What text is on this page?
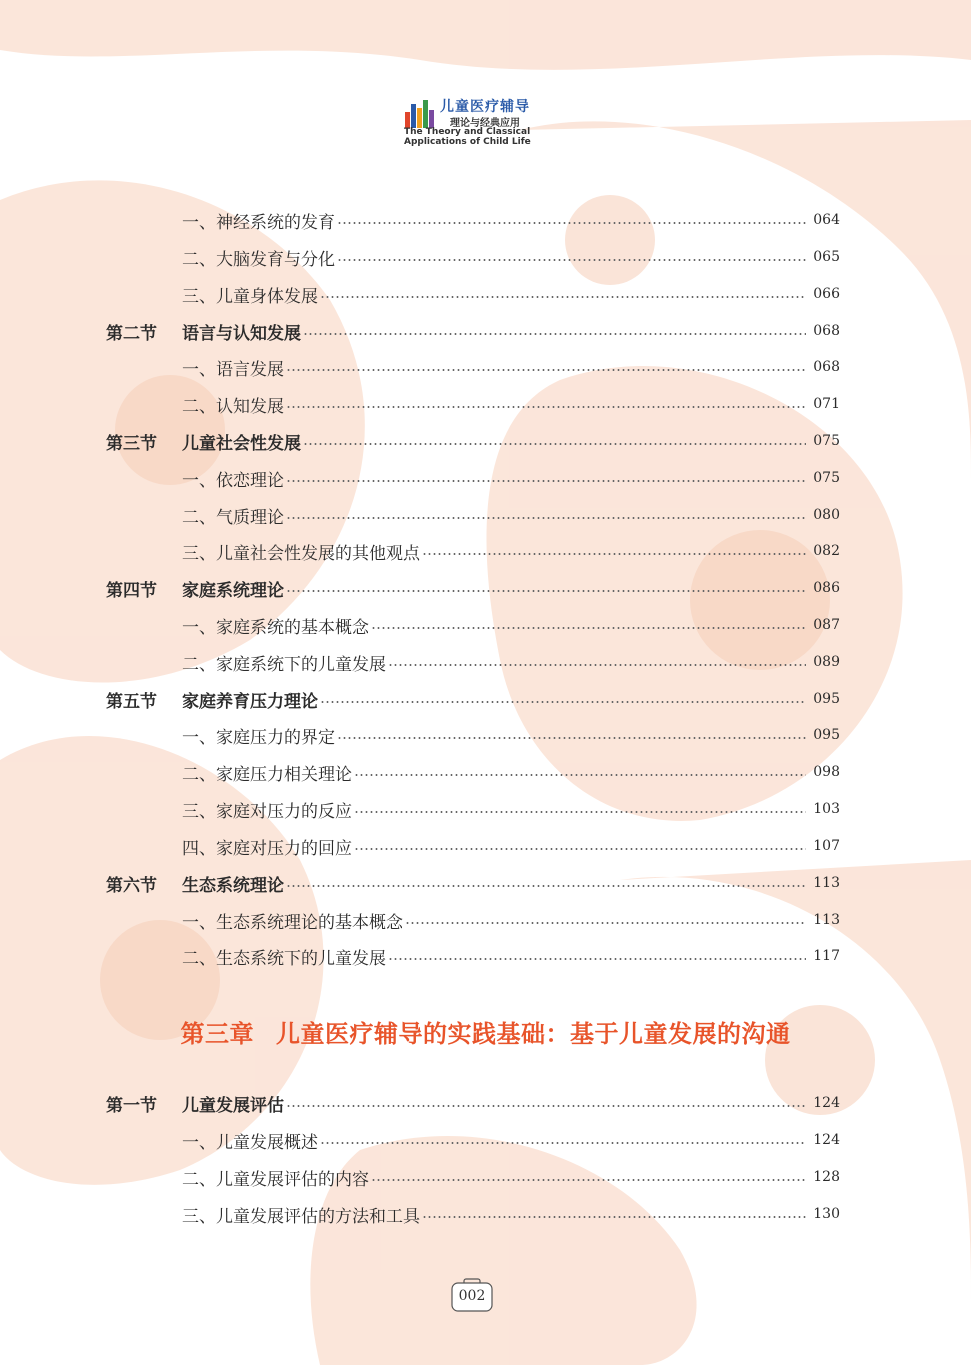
儿童医疗辅导
理论与经典应用
The Theory and Classical
Applications of Child Life
一、神经系统的发育	064
二、大脑发育与分化	065
三、儿童身体发展	066
第二节	语言与认知发展	068
一、语言发展	068
二、认知发展	071
第三节	儿童社会性发展	075
一、依恋理论	075
二、气质理论	080
三、儿童社会性发展的其他观点	082
第四节	家庭系统理论	086
一、家庭系统的基本概念	087
二、家庭系统下的儿童发展	089
第五节	家庭养育压力理论	095
一、家庭压力的界定	095
二、家庭压力相关理论	098
三、家庭对压力的反应	103
四、家庭对压力的回应	107
第六节	生态系统理论	113
一、生态系统理论的基本概念	113
二、生态系统下的儿童发展	117
第一节	儿童发展评估	124
一、儿童发展概述	124
二、儿童发展评估的内容	128
三、儿童发展评估的方法和工具	130
第三章 儿童医疗辅导的实践基础：基于儿童发展的沟通
002
